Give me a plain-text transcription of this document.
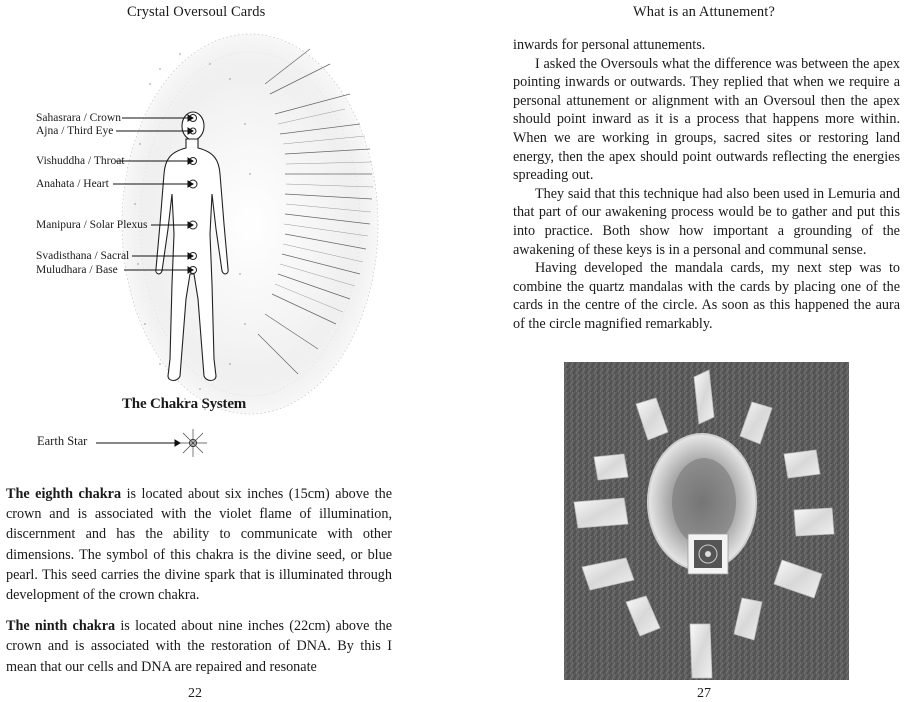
Crystal Oversoul Cards
Sahasrara / Crown
Ajna / Third Eye
Vishuddha / Throat
Anahata / Heart
Manipura / Solar Plexus
Svadisthana / Sacral
Muludhara / Base
The Chakra System
Earth Star

The eighth chakra is located about six inches (15cm) above the crown and is associated with the violet flame of illumination, discernment and has the ability to communicate with other dimensions. The symbol of this chakra is the divine seed, or blue pearl. This seed carries the divine spark that is illuminated through development of the crown chakra.

The ninth chakra is located about nine inches (22cm) above the crown and is associated with the restoration of DNA. By this I mean that our cells and DNA are repaired and resonate

22
What is an Attunement?

inwards for personal attunements.

I asked the Oversouls what the difference was between the apex pointing inwards or outwards. They replied that when we require a personal attunement or alignment with an Oversoul then the apex should point inward as it is a process that happens more within. When we are working in groups, sacred sites or restoring land energy, then the apex should point outwards reflecting the energies spreading out.

They said that this technique had also been used in Lemuria and that part of our awakening process would be to gather and put this into practice. Both show how important a grounding of the awakening of these keys is in a personal and communal sense.

Having developed the mandala cards, my next step was to combine the quartz mandalas with the cards by placing one of the cards in the centre of the circle. As soon as this happened the aura of the circle magnified remarkably.

27
